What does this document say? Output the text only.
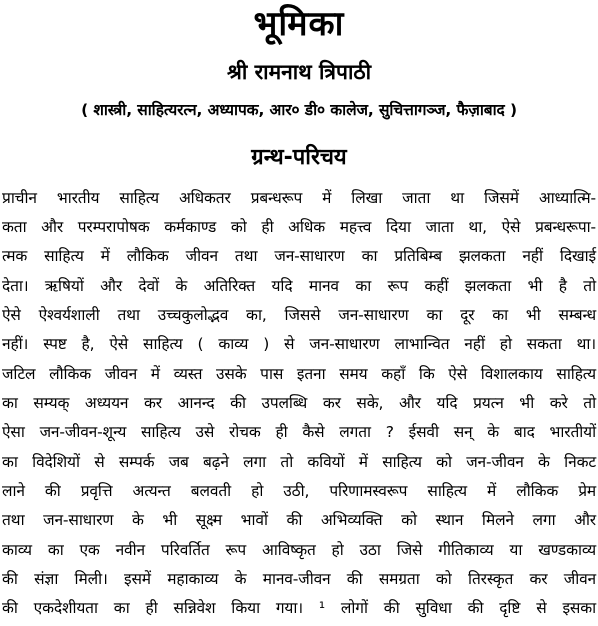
भूमिका
श्री रामनाथ त्रिपाठी
( शास्त्री, साहित्यरत्न, अध्यापक, आर० डी० कालेज, सुचित्तागञ्ज, फैज़ाबाद )
ग्रन्थ-परिचय
प्राचीन भारतीय साहित्य अधिकतर प्रबन्धरूप में लिखा जाता था जिसमें आध्यात्मि-
कता और परम्परापोषक कर्मकाण्ड को ही अधिक महत्त्व दिया जाता था, ऐसे प्रबन्धरूपा-
त्मक साहित्य में लौकिक जीवन तथा जन-साधारण का प्रतिबिम्ब झलकता नहीं दिखाई
देता। ऋषियों और देवों के अतिरिक्त यदि मानव का रूप कहीं झलकता भी है तो
ऐसे ऐश्वर्यशाली तथा उच्चकुलोद्भव का, जिससे जन-साधारण का दूर का भी सम्बन्ध
नहीं। स्पष्ट है, ऐसे साहित्य ( काव्य ) से जन-साधारण लाभान्वित नहीं हो सकता था।
जटिल लौकिक जीवन में व्यस्त उसके पास इतना समय कहाँ कि ऐसे विशालकाय साहित्य
का सम्यक् अध्ययन कर आनन्द की उपलब्धि कर सके, और यदि प्रयत्न भी करे तो
ऐसा जन-जीवन-शून्य साहित्य उसे रोचक ही कैसे लगता ? ईसवी सन् के बाद भारतीयों
का विदेशियों से सम्पर्क जब बढ़ने लगा तो कवियों में साहित्य को जन-जीवन के निकट
लाने की प्रवृत्ति अत्यन्त बलवती हो उठी, परिणामस्वरूप साहित्य में लौकिक प्रेम
तथा जन-साधारण के भी सूक्ष्म भावों की अभिव्यक्ति को स्थान मिलने लगा और
काव्य का एक नवीन परिवर्तित रूप आविष्कृत हो उठा जिसे गीतिकाव्य या खण्डकाव्य
की संज्ञा मिली। इसमें महाकाव्य के मानव-जीवन की समग्रता को तिरस्कृत कर जीवन
की एकदेशीयता का ही सन्निवेश किया गया। ¹ लोगों की सुविधा की दृष्टि से इसका
